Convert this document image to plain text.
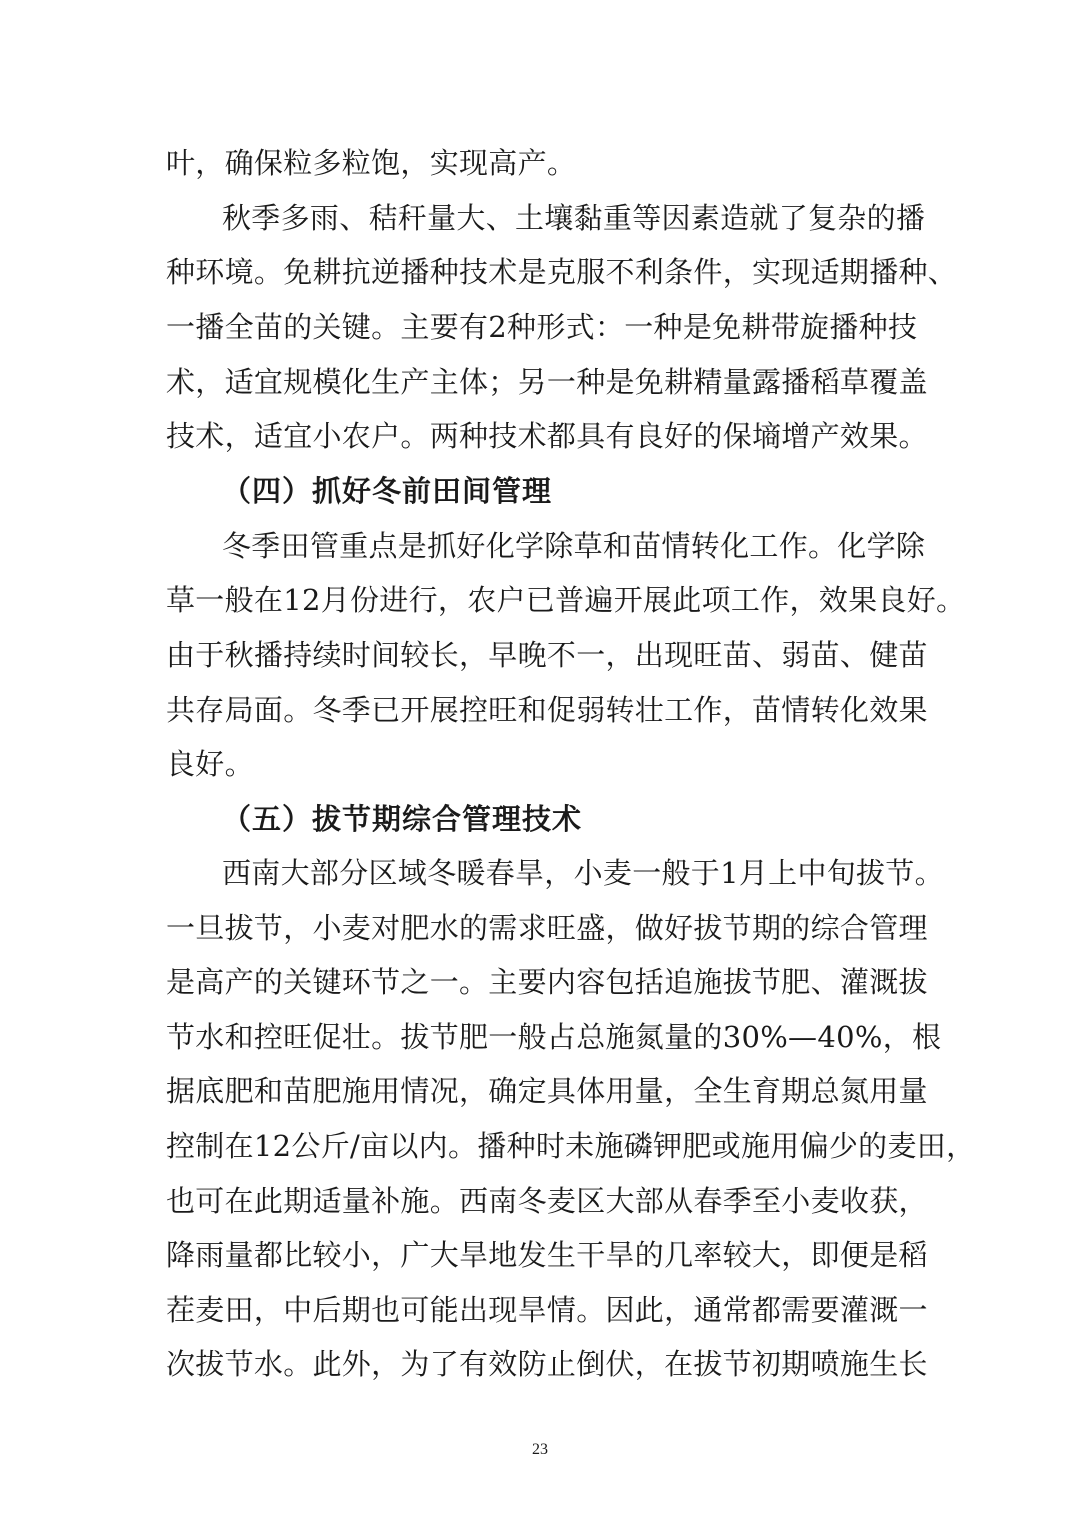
叶，确保粒多粒饱，实现高产。
秋季多雨、秸秆量大、土壤黏重等因素造就了复杂的播
种环境。免耕抗逆播种技术是克服不利条件，实现适期播种、
一播全苗的关键。主要有2种形式：一种是免耕带旋播种技
术，适宜规模化生产主体；另一种是免耕精量露播稻草覆盖
技术，适宜小农户。两种技术都具有良好的保墒增产效果。
（四）抓好冬前田间管理
冬季田管重点是抓好化学除草和苗情转化工作。化学除
草一般在12月份进行，农户已普遍开展此项工作，效果良好。
由于秋播持续时间较长，早晚不一，出现旺苗、弱苗、健苗
共存局面。冬季已开展控旺和促弱转壮工作，苗情转化效果
良好。
（五）拔节期综合管理技术
西南大部分区域冬暖春旱，小麦一般于1月上中旬拔节。
一旦拔节，小麦对肥水的需求旺盛，做好拔节期的综合管理
是高产的关键环节之一。主要内容包括追施拔节肥、灌溉拔
节水和控旺促壮。拔节肥一般占总施氮量的30%—40%，根
据底肥和苗肥施用情况，确定具体用量，全生育期总氮用量
控制在12公斤/亩以内。播种时未施磷钾肥或施用偏少的麦田，
也可在此期适量补施。西南冬麦区大部从春季至小麦收获，
降雨量都比较小，广大旱地发生干旱的几率较大，即便是稻
茬麦田，中后期也可能出现旱情。因此，通常都需要灌溉一
次拔节水。此外，为了有效防止倒伏，在拔节初期喷施生长
23
